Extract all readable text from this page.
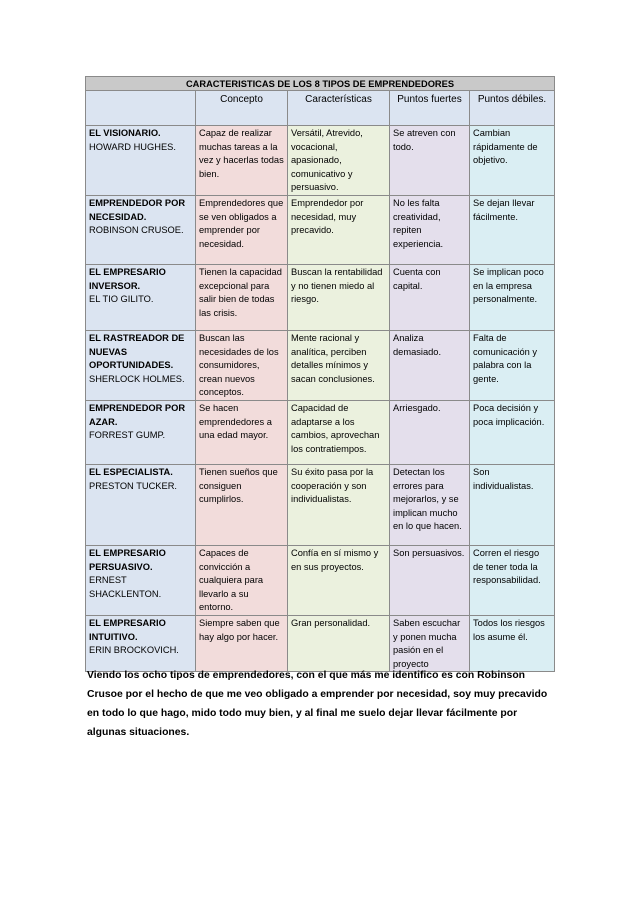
CARACTERISTICAS DE LOS 8 TIPOS DE EMPRENDEDORES				
	Concepto	Características	Puntos fuertes	Puntos débiles.

EL VISIONARIO.
HOWARD HUGHES.	Capaz de realizar muchas tareas a la vez y hacerlas todas bien.	Versátil, Atrevido, vocacional, apasionado, comunicativo y persuasivo.	Se atreven con todo.	Cambian rápidamente de objetivo.

EMPRENDEDOR POR NECESIDAD.
ROBINSON CRUSOE.	Emprendedores que se ven obligados a emprender por necesidad.	Emprendedor por necesidad, muy precavido.	No les falta creatividad, repiten experiencia.	Se dejan llevar fácilmente.

EL EMPRESARIO INVERSOR.
EL TIO GILITO.	Tienen la capacidad excepcional para salir bien de todas las crisis.	Buscan la rentabilidad y no tienen miedo al riesgo.	Cuenta con capital.	Se implican poco en la empresa personalmente.

EL RASTREADOR DE NUEVAS OPORTUNIDADES.
SHERLOCK HOLMES.	Buscan las necesidades de los consumidores, crean nuevos conceptos.	Mente racional y analítica, perciben detalles mínimos y sacan conclusiones.	Analiza demasiado.	Falta de comunicación y palabra con la gente.

EMPRENDEDOR POR AZAR.
FORREST GUMP.	Se hacen emprendedores a una edad mayor.	Capacidad de adaptarse a los cambios, aprovechan los contratiempos.	Arriesgado.	Poca decisión y poca implicación.

EL ESPECIALISTA.
PRESTON TUCKER.	Tienen sueños que consiguen cumplirlos.	Su éxito pasa por la cooperación y son individualistas.	Detectan los errores para mejorarlos, y se implican mucho en lo que hacen.	Son individualistas.

EL EMPRESARIO PERSUASIVO.
ERNEST SHACKLENTON.	Capaces de convicción a cualquiera para llevarlo a su entorno.	Confía en sí mismo y en sus proyectos.	Son persuasivos.	Corren el riesgo de tener toda la responsabilidad.

EL EMPRESARIO INTUITIVO.
ERIN BROCKOVICH.	Siempre saben que hay algo por hacer.	Gran personalidad.	Saben escuchar y ponen mucha pasión en el proyecto	Todos los riesgos los asume él.

Viendo los ocho tipos de emprendedores, con el que más me identifico es con Robinson Crusoe por el hecho de que me veo obligado a emprender por necesidad, soy muy precavido en todo lo que hago, mido todo muy bien, y al final me suelo dejar llevar fácilmente por algunas situaciones.
